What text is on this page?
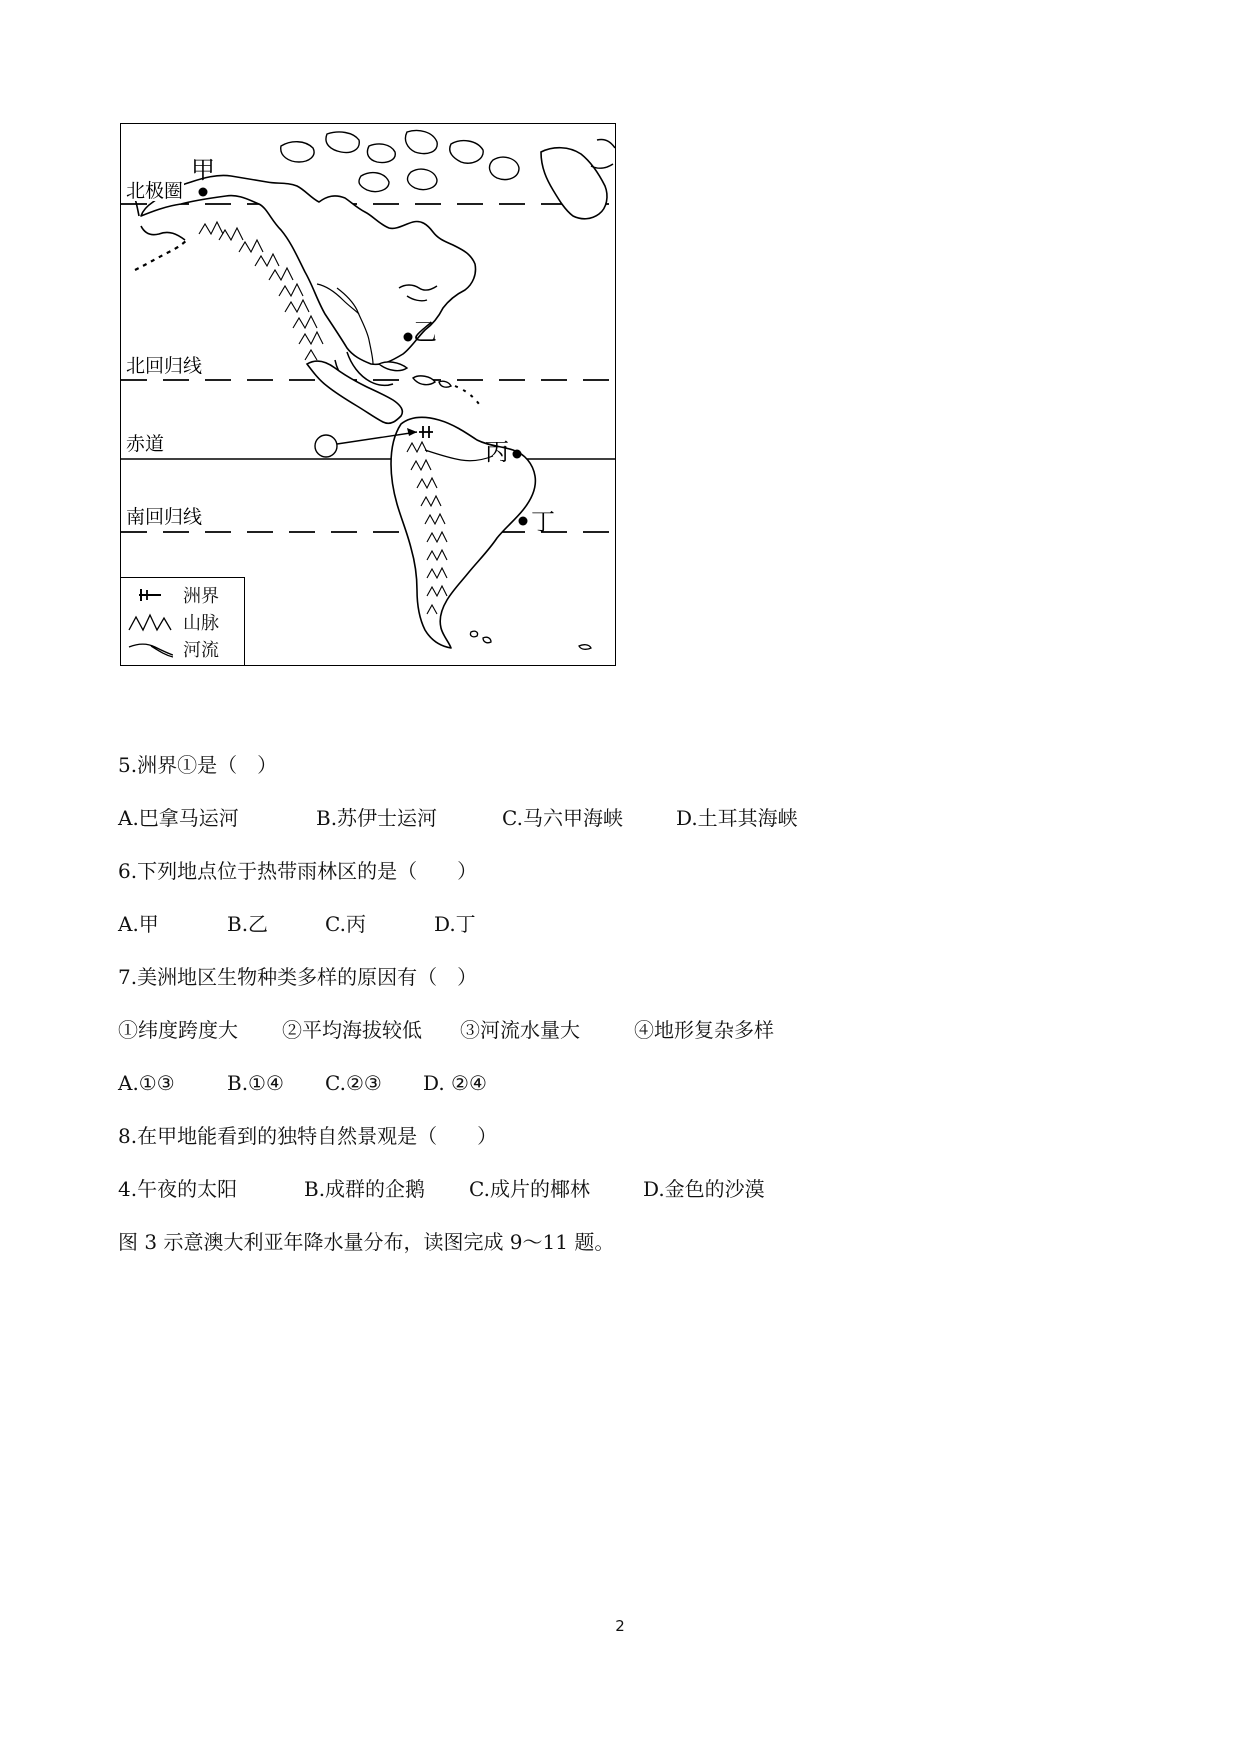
北极圈
北回归线
赤道
南回归线
甲
乙
丙
丁
洲界
山脉
河流
5.洲界①是（　）
A.巴拿马运河	B.苏伊士运河	C.马六甲海峡	D.土耳其海峡
6.下列地点位于热带雨林区的是（　　）
A.甲	B.乙	C.丙	D.丁
7.美洲地区生物种类多样的原因有（　）
①纬度跨度大 ②平均海拔较低 ③河流水量大	④地形复杂多样
A.①③	B.①④ C.②③ D. ②④
8.在甲地能看到的独特自然景观是（　　）
4.午夜的太阳	B.成群的企鹅 C.成片的椰林	D.金色的沙漠
图 3 示意澳大利亚年降水量分布，读图完成 9～11 题。
2
